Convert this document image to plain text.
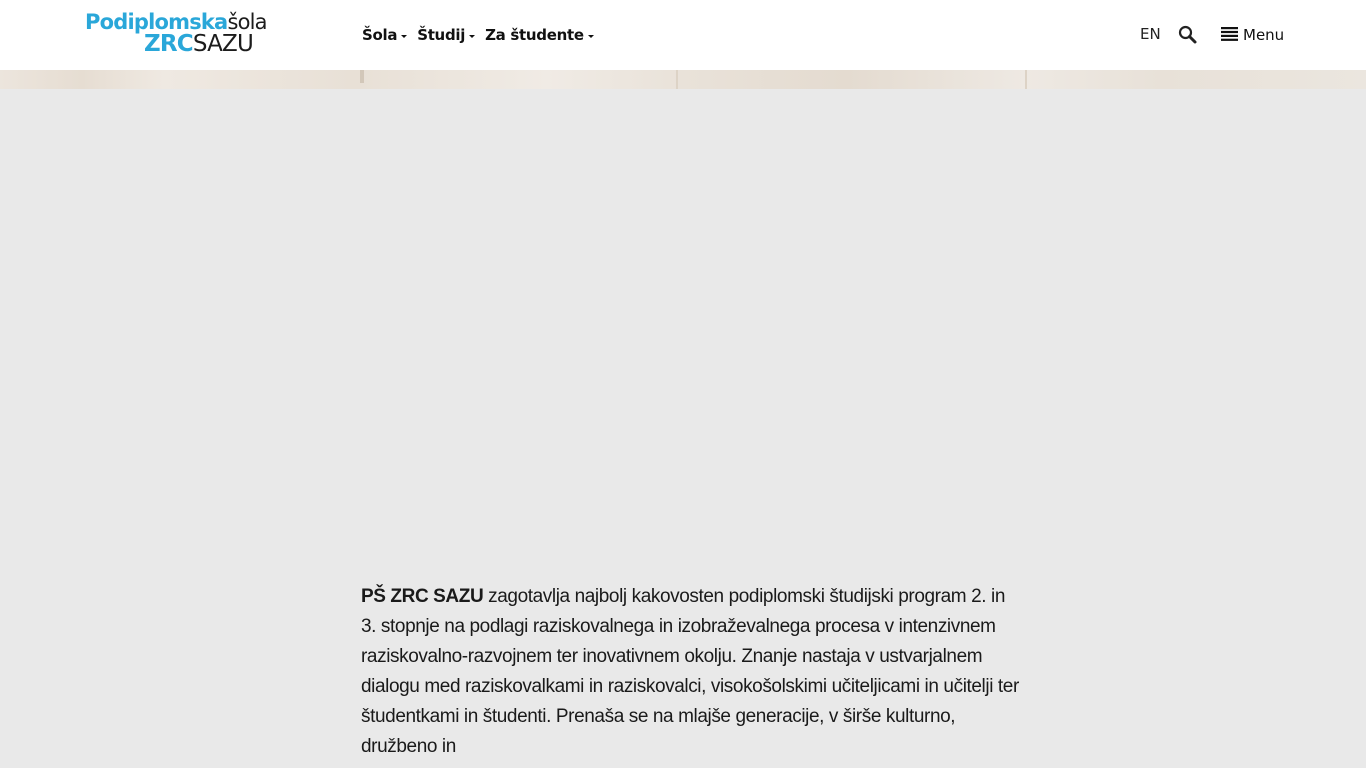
Podiplomskašola
ZRCSAZU	Šola Študij Za študente	EN	Menu

PŠ ZRC SAZU zagotavlja najbolj kakovosten podiplomski študijski program 2. in 3. stopnje na podlagi raziskovalnega in izobraževalnega procesa v intenzivnem raziskovalno-razvojnem ter inovativnem okolju. Znanje nastaja v ustvarjalnem dialogu med raziskovalkami in raziskovalci, visokošolskimi učiteljicami in učitelji ter študentkami in študenti. Prenaša se na mlajše generacije, v širše kulturno, družbeno in
